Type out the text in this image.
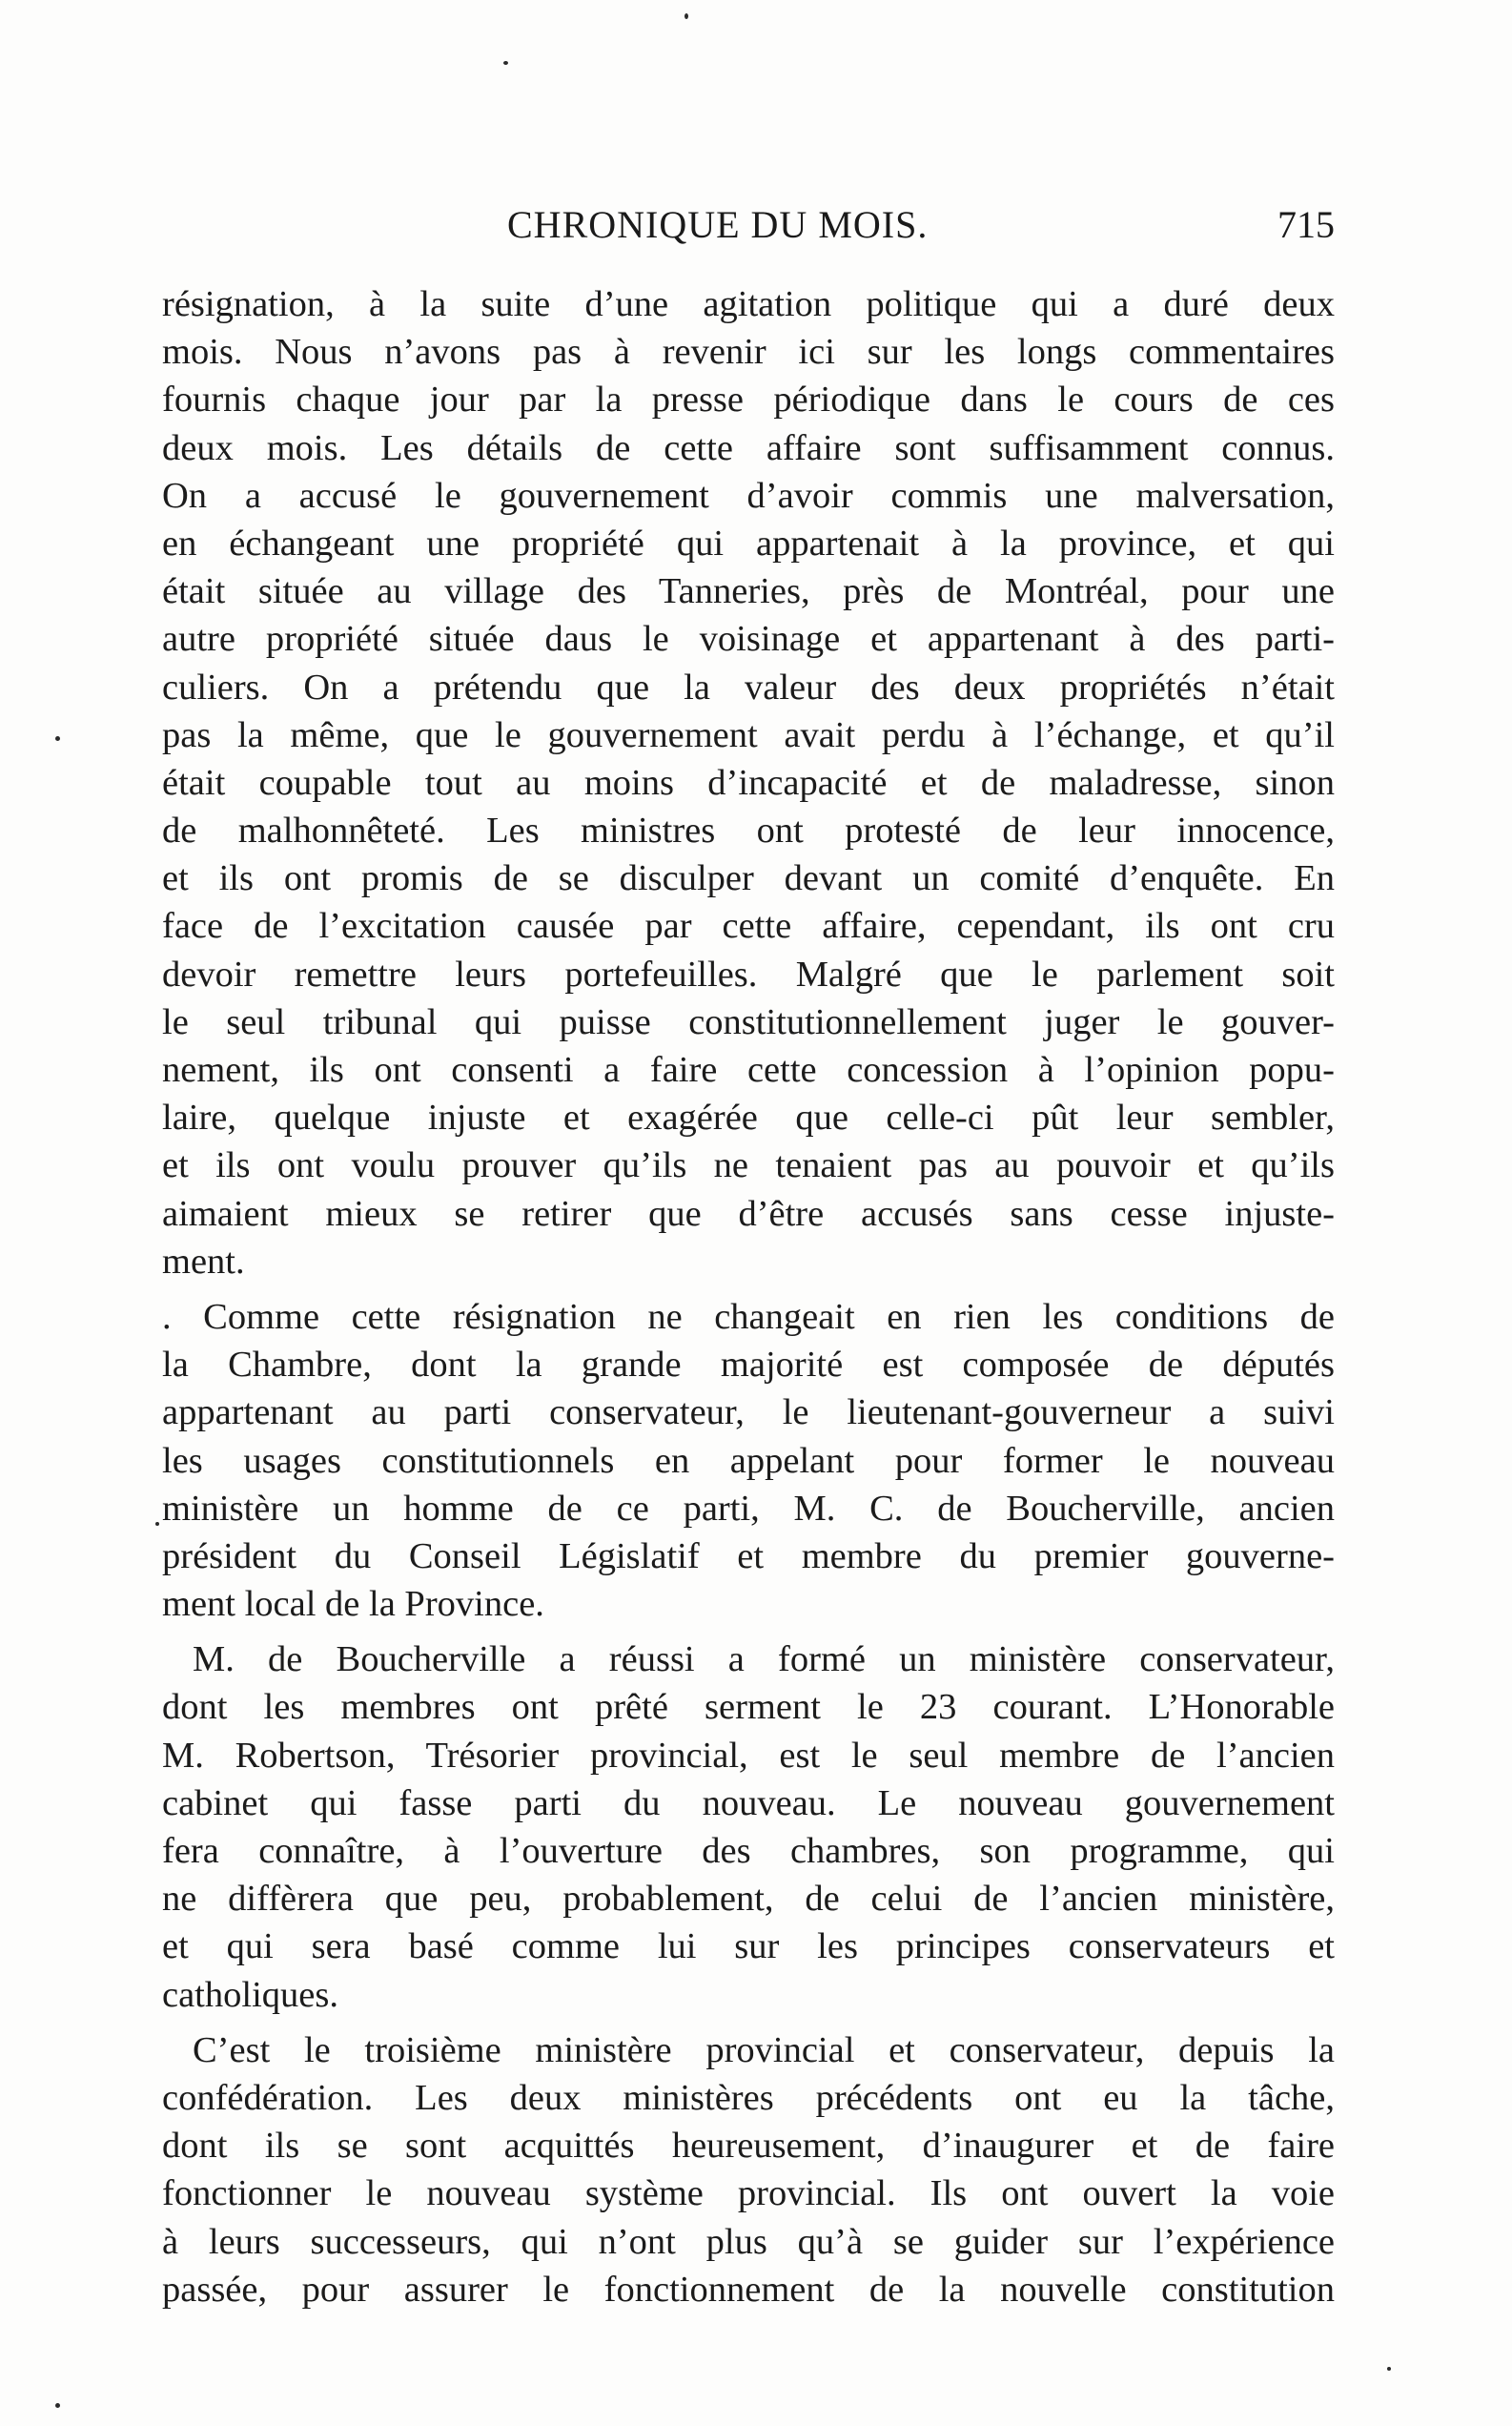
CHRONIQUE DU MOIS.	715

résignation, à la suite d’une agitation politique qui a duré deux
mois. Nous n’avons pas à revenir ici sur les longs commentaires
fournis chaque jour par la presse périodique dans le cours de ces
deux mois. Les détails de cette affaire sont suffisamment connus.
On a accusé le gouvernement d’avoir commis une malversation,
en échangeant une propriété qui appartenait à la province, et qui
était située au village des Tanneries, près de Montréal, pour une
autre propriété située daus le voisinage et appartenant à des parti-
culiers. On a prétendu que la valeur des deux propriétés n’était
pas la même, que le gouvernement avait perdu à l’échange, et qu’il
était coupable tout au moins d’incapacité et de maladresse, sinon
de malhonnêteté. Les ministres ont protesté de leur innocence,
et ils ont promis de se disculper devant un comité d’enquête. En
face de l’excitation causée par cette affaire, cependant, ils ont cru
devoir remettre leurs portefeuilles. Malgré que le parlement soit
le seul tribunal qui puisse constitutionnellement juger le gouver-
nement, ils ont consenti a faire cette concession à l’opinion popu-
laire, quelque injuste et exagérée que celle-ci pût leur sembler,
et ils ont voulu prouver qu’ils ne tenaient pas au pouvoir et qu’ils
aimaient mieux se retirer que d’être accusés sans cesse injuste-
ment.

. Comme cette résignation ne changeait en rien les conditions de
la Chambre, dont la grande majorité est composée de députés
appartenant au parti conservateur, le lieutenant-gouverneur a suivi
les usages constitutionnels en appelant pour former le nouveau
ministère un homme de ce parti, M. C. de Boucherville, ancien
président du Conseil Législatif et membre du premier gouverne-
ment local de la Province.

M. de Boucherville a réussi a formé un ministère conservateur,
dont les membres ont prêté serment le 23 courant. L’Honorable
M. Robertson, Trésorier provincial, est le seul membre de l’ancien
cabinet qui fasse parti du nouveau. Le nouveau gouvernement
fera connaître, à l’ouverture des chambres, son programme, qui
ne diffèrera que peu, probablement, de celui de l’ancien ministère,
et qui sera basé comme lui sur les principes conservateurs et
catholiques.

C’est le troisième ministère provincial et conservateur, depuis la
confédération. Les deux ministères précédents ont eu la tâche,
dont ils se sont acquittés heureusement, d’inaugurer et de faire
fonctionner le nouveau système provincial. Ils ont ouvert la voie
à leurs successeurs, qui n’ont plus qu’à se guider sur l’expérience
passée, pour assurer le fonctionnement de la nouvelle constitution
